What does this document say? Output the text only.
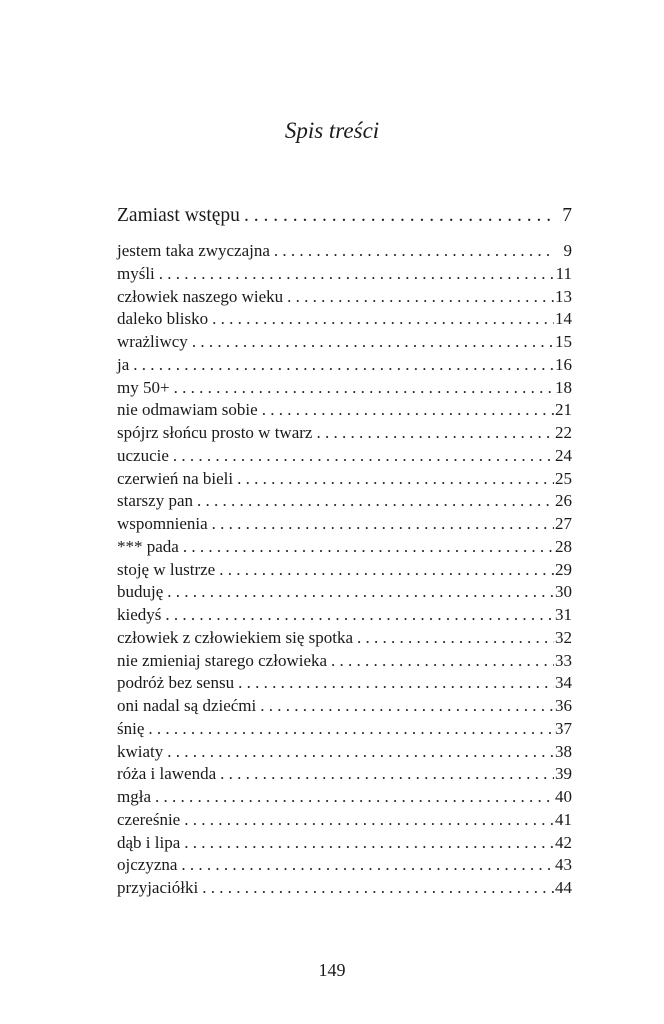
Spis treści
Zamiast wstępu . . .	7
jestem taka zwyczajna . . .	9
myśli . . .	11
człowiek naszego wieku . . .	13
daleko blisko . . .	14
wrażliwcy . . .	15
ja . . .	16
my 50+ . . .	18
nie odmawiam sobie . . .	21
spójrz słońcu prosto w twarz . . .	22
uczucie . . .	24
czerwień na bieli . . .	25
starszy pan . . .	26
wspomnienia . . .	27
*** pada . . .	28
stoję w lustrze . . .	29
buduję . . .	30
kiedyś . . .	31
człowiek z człowiekiem się spotka . . .	32
nie zmieniaj starego człowieka . . .	33
podróż bez sensu . . .	34
oni nadal są dziećmi . . .	36
śnię . . .	37
kwiaty . . .	38
róża i lawenda . . .	39
mgła . . .	40
czereśnie . . .	41
dąb i lipa . . .	42
ojczyzna . . .	43
przyjaciółki . . .	44
149
